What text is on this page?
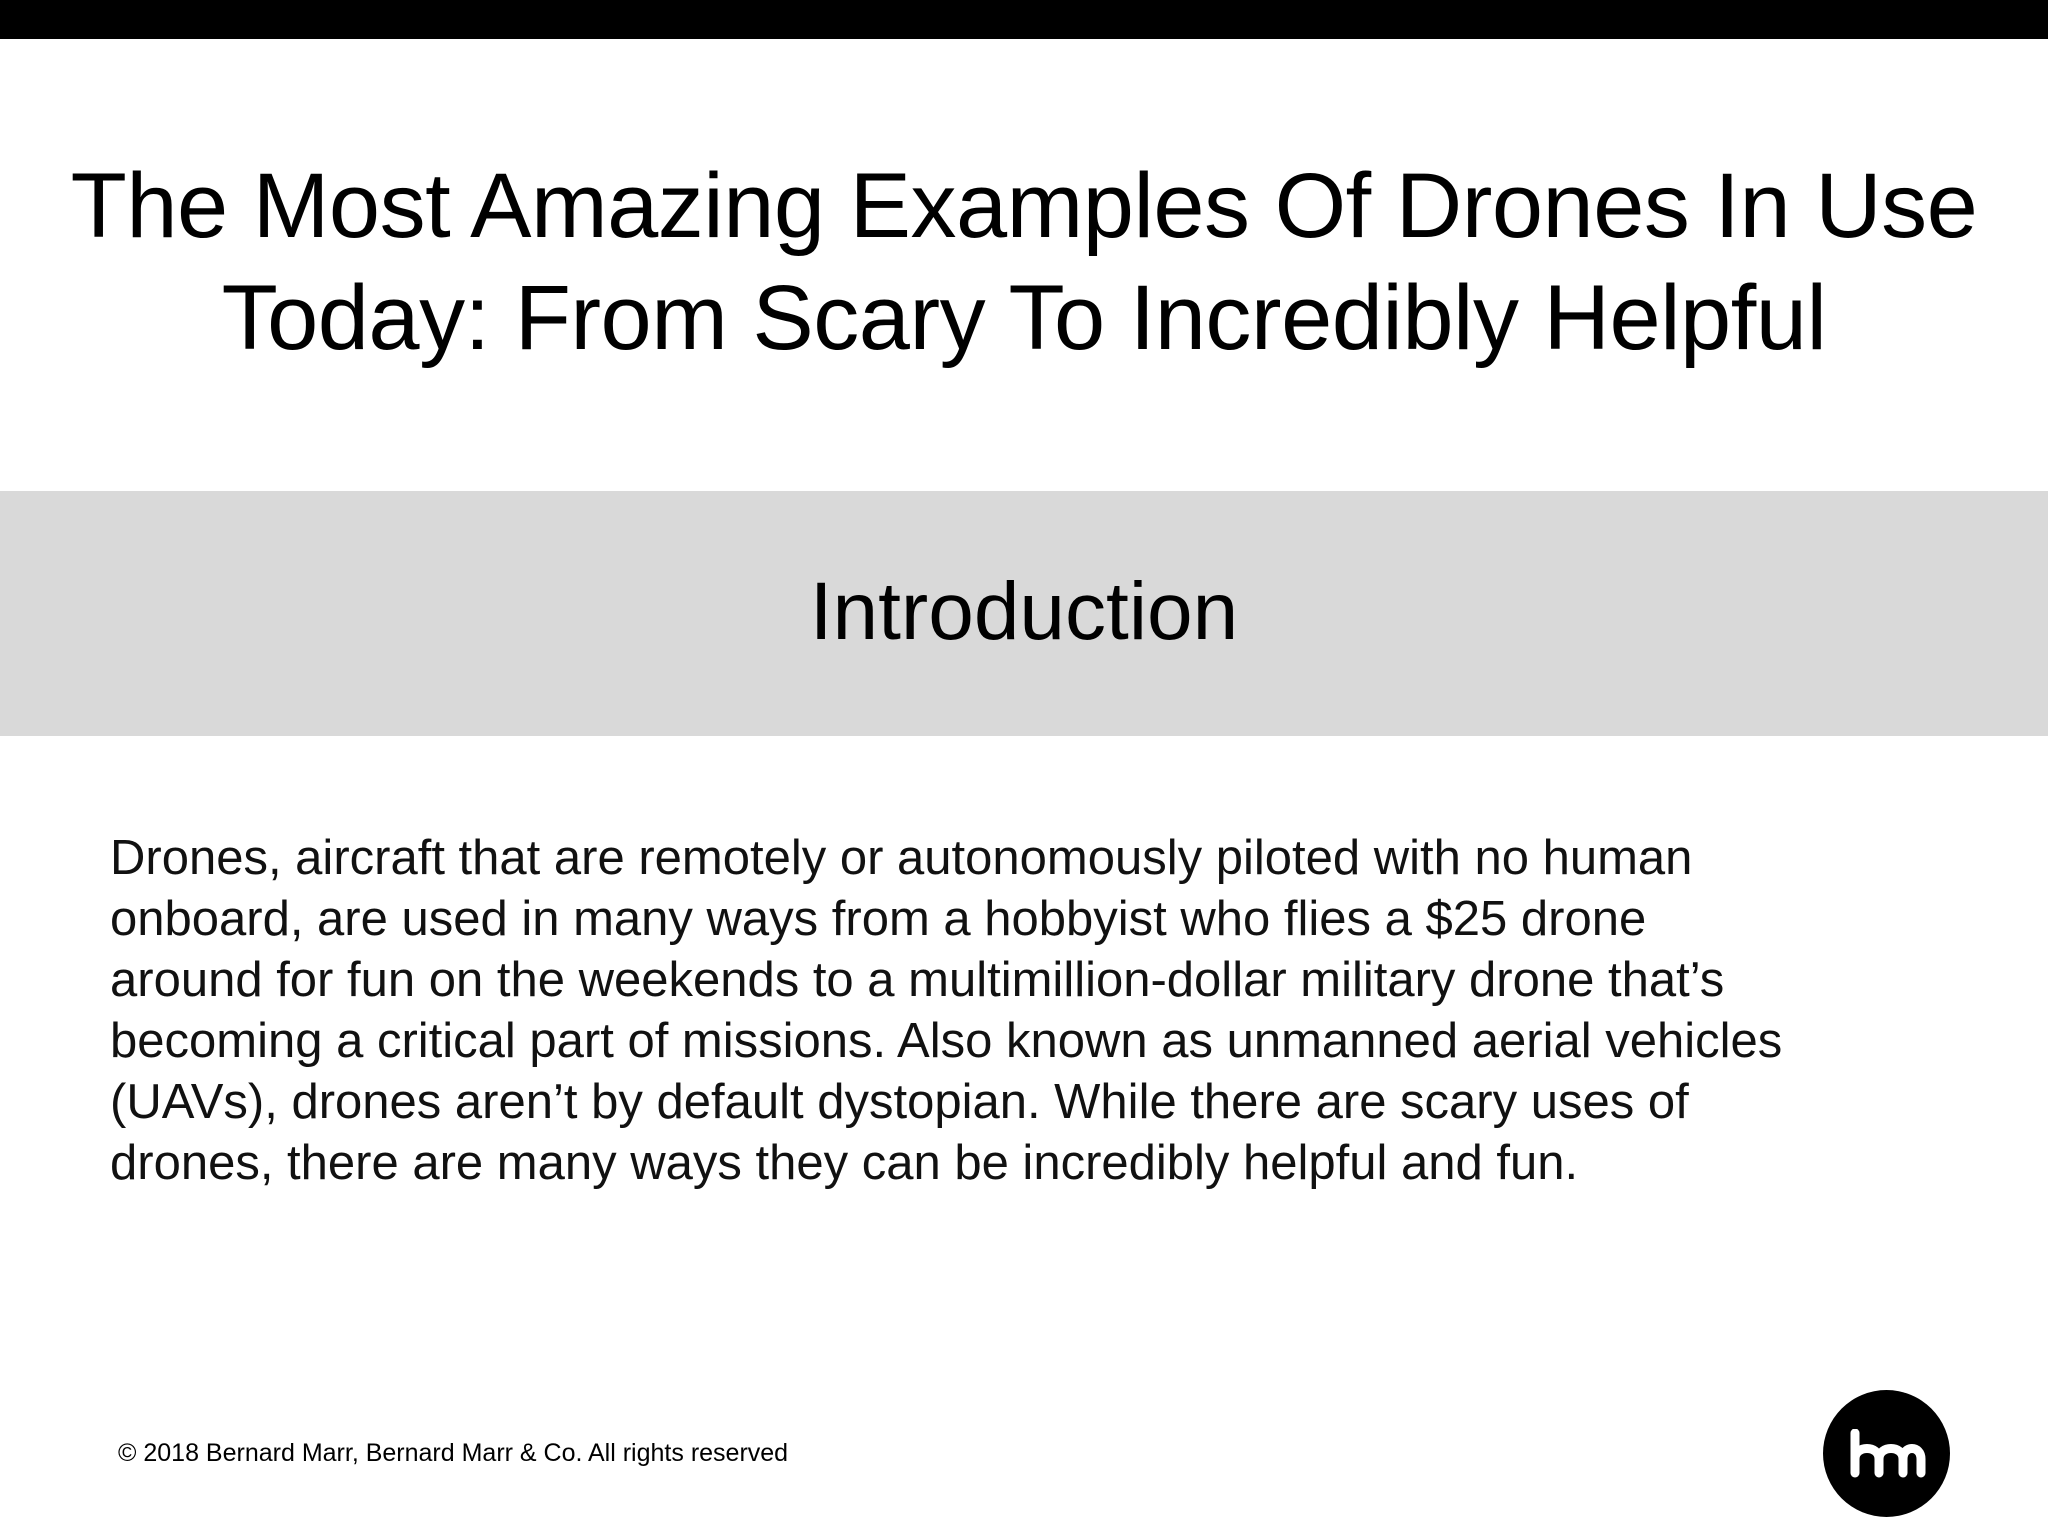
The Most Amazing Examples Of Drones In Use
Today: From Scary To Incredibly Helpful
Introduction
Drones, aircraft that are remotely or autonomously piloted with no human
onboard, are used in many ways from a hobbyist who flies a $25 drone
around for fun on the weekends to a multimillion-dollar military drone that’s
becoming a critical part of missions. Also known as unmanned aerial vehicles
(UAVs), drones aren’t by default dystopian. While there are scary uses of
drones, there are many ways they can be incredibly helpful and fun.
© 2018 Bernard Marr, Bernard Marr & Co. All rights reserved
